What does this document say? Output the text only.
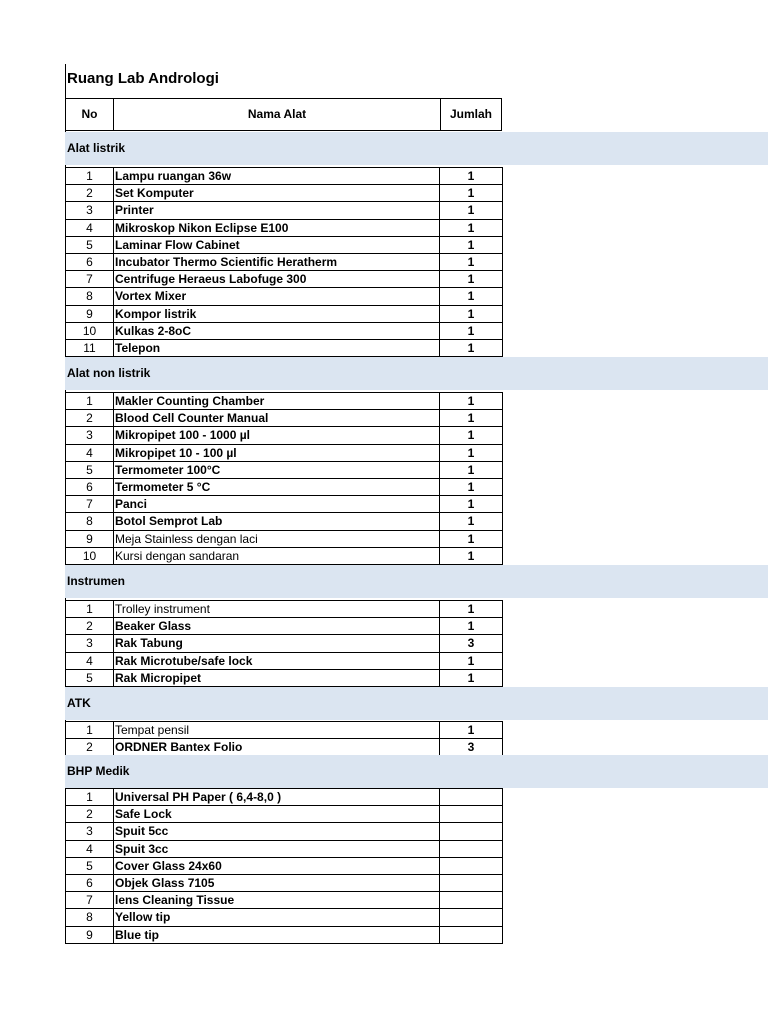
Ruang Lab Andrologi
No	Nama Alat	Jumlah
Alat listrik
1	Lampu ruangan 36w	1
2	Set Komputer	1
3	Printer	1
4	Mikroskop Nikon Eclipse E100	1
5	Laminar Flow Cabinet	1
6	Incubator Thermo Scientific Heratherm	1
7	Centrifuge Heraeus Labofuge 300	1
8	Vortex Mixer	1
9	Kompor listrik	1
10	Kulkas 2-8oC	1
11	Telepon	1
Alat non listrik
1	Makler Counting Chamber	1
2	Blood Cell Counter Manual	1
3	Mikropipet 100 - 1000 µl	1
4	Mikropipet 10 - 100 µl	1
5	Termometer 100°C	1
6	Termometer 5 °C	1
7	Panci	1
8	Botol Semprot Lab	1
9	Meja Stainless dengan laci	1
10	Kursi dengan sandaran	1
Instrumen
1	Trolley instrument	1
2	Beaker Glass	1
3	Rak Tabung	3
4	Rak Microtube/safe lock	1
5	Rak Micropipet	1
ATK
1	Tempat pensil	1
2	ORDNER Bantex Folio	3
BHP Medik
1	Universal PH Paper ( 6,4-8,0 )
2	Safe Lock
3	Spuit 5cc
4	Spuit 3cc
5	Cover Glass 24x60
6	Objek Glass 7105
7	lens Cleaning Tissue
8	Yellow tip
9	Blue tip
